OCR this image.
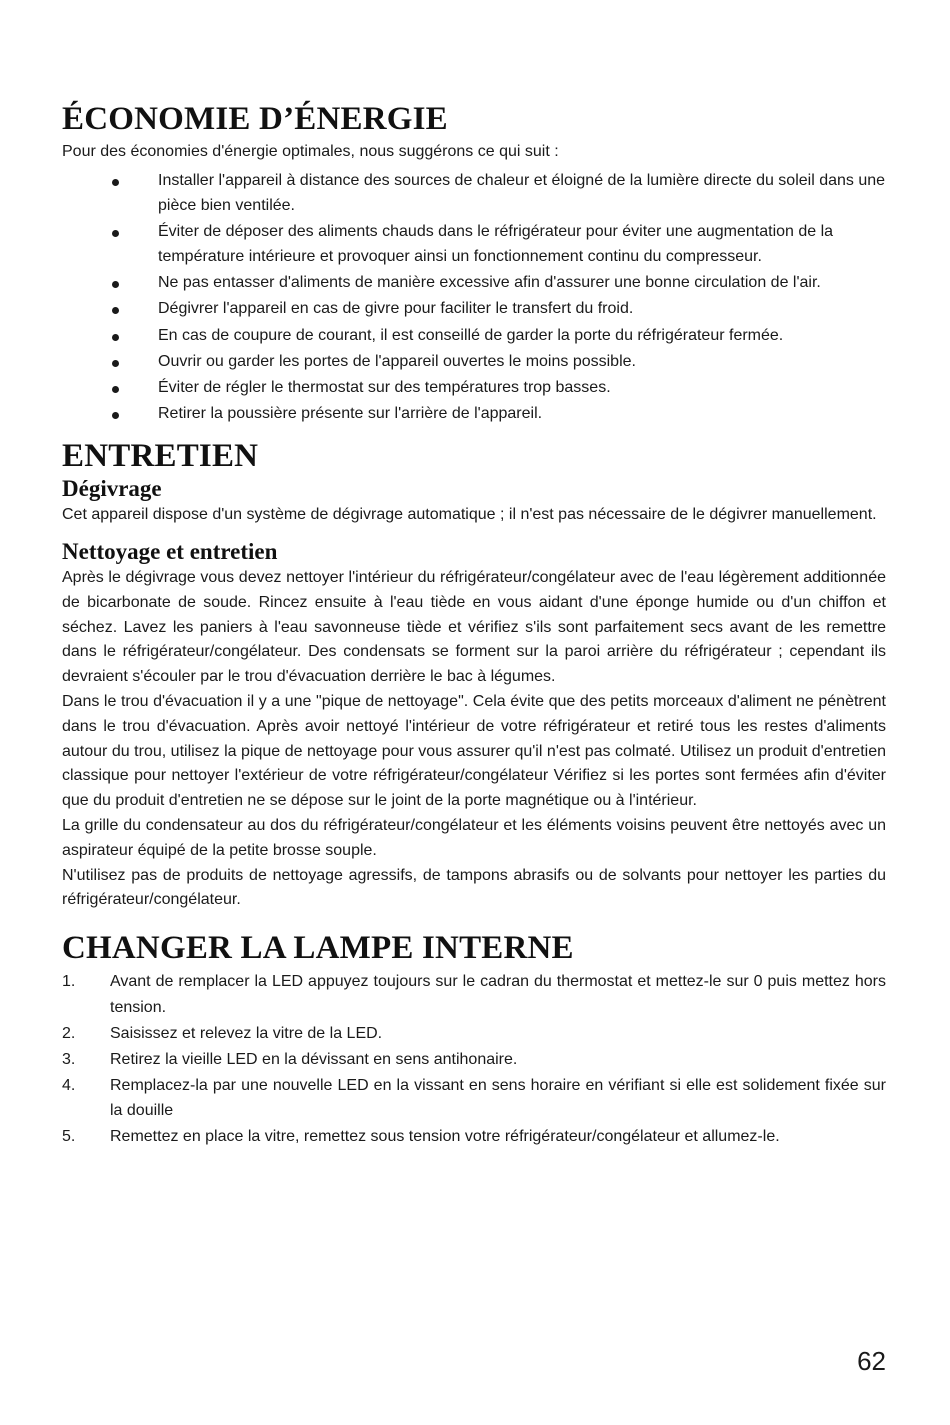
ÉCONOMIE D’ÉNERGIE

Pour des économies d'énergie optimales, nous suggérons ce qui suit :

Installer l'appareil à distance des sources de chaleur et éloigné de la lumière directe du soleil dans une pièce bien ventilée.
Éviter de déposer des aliments chauds dans le réfrigérateur pour éviter une augmentation de la température intérieure et provoquer ainsi un fonctionnement continu du compresseur.
Ne pas entasser d'aliments de manière excessive afin d'assurer une bonne circulation de l'air.
Dégivrer l'appareil en cas de givre pour faciliter le transfert du froid.
En cas de coupure de courant, il est conseillé de garder la porte du réfrigérateur fermée.
Ouvrir ou garder les portes de l'appareil ouvertes le moins possible.
Éviter de régler le thermostat sur des températures trop basses.
Retirer la poussière présente sur l'arrière de l'appareil.
ENTRETIEN
Dégivrage

Cet appareil dispose d'un système de dégivrage automatique ; il n'est pas nécessaire de le dégivrer manuellement.

Nettoyage et entretien

Après le dégivrage vous devez nettoyer l'intérieur du réfrigérateur/congélateur avec de l'eau légèrement additionnée de bicarbonate de soude. Rincez ensuite à l'eau tiède en vous aidant d'une éponge humide ou d'un chiffon et séchez. Lavez les paniers à l'eau savonneuse tiède et vérifiez s'ils sont parfaitement secs avant de les remettre dans le réfrigérateur/congélateur. Des condensats se forment sur la paroi arrière du réfrigérateur ; cependant ils devraient s'écouler par le trou d'évacuation derrière le bac à légumes.

Dans le trou d'évacuation il y a une "pique de nettoyage". Cela évite que des petits morceaux d'aliment ne pénètrent dans le trou d'évacuation. Après avoir nettoyé l'intérieur de votre réfrigérateur et retiré tous les restes d'aliments autour du trou, utilisez la pique de nettoyage pour vous assurer qu'il n'est pas colmaté. Utilisez un produit d'entretien classique pour nettoyer l'extérieur de votre réfrigérateur/congélateur Vérifiez si les portes sont fermées afin d'éviter que du produit d'entretien ne se dépose sur le joint de la porte magnétique ou à l'intérieur.

La grille du condensateur au dos du réfrigérateur/congélateur et les éléments voisins peuvent être nettoyés avec un aspirateur équipé de la petite brosse souple.

N'utilisez pas de produits de nettoyage agressifs, de tampons abrasifs ou de solvants pour nettoyer les parties du réfrigérateur/congélateur.

CHANGER LA LAMPE INTERNE
1. Avant de remplacer la LED appuyez toujours sur le cadran du thermostat et mettez-le sur 0 puis mettez hors tension.
2. Saisissez et relevez la vitre de la LED.
3. Retirez la vieille LED en la dévissant en sens antihonaire.
4. Remplacez-la par une nouvelle LED en la vissant en sens horaire en vérifiant si elle est solidement fixée sur la douille
5. Remettez en place la vitre, remettez sous tension votre réfrigérateur/congélateur et allumez-le.
62
